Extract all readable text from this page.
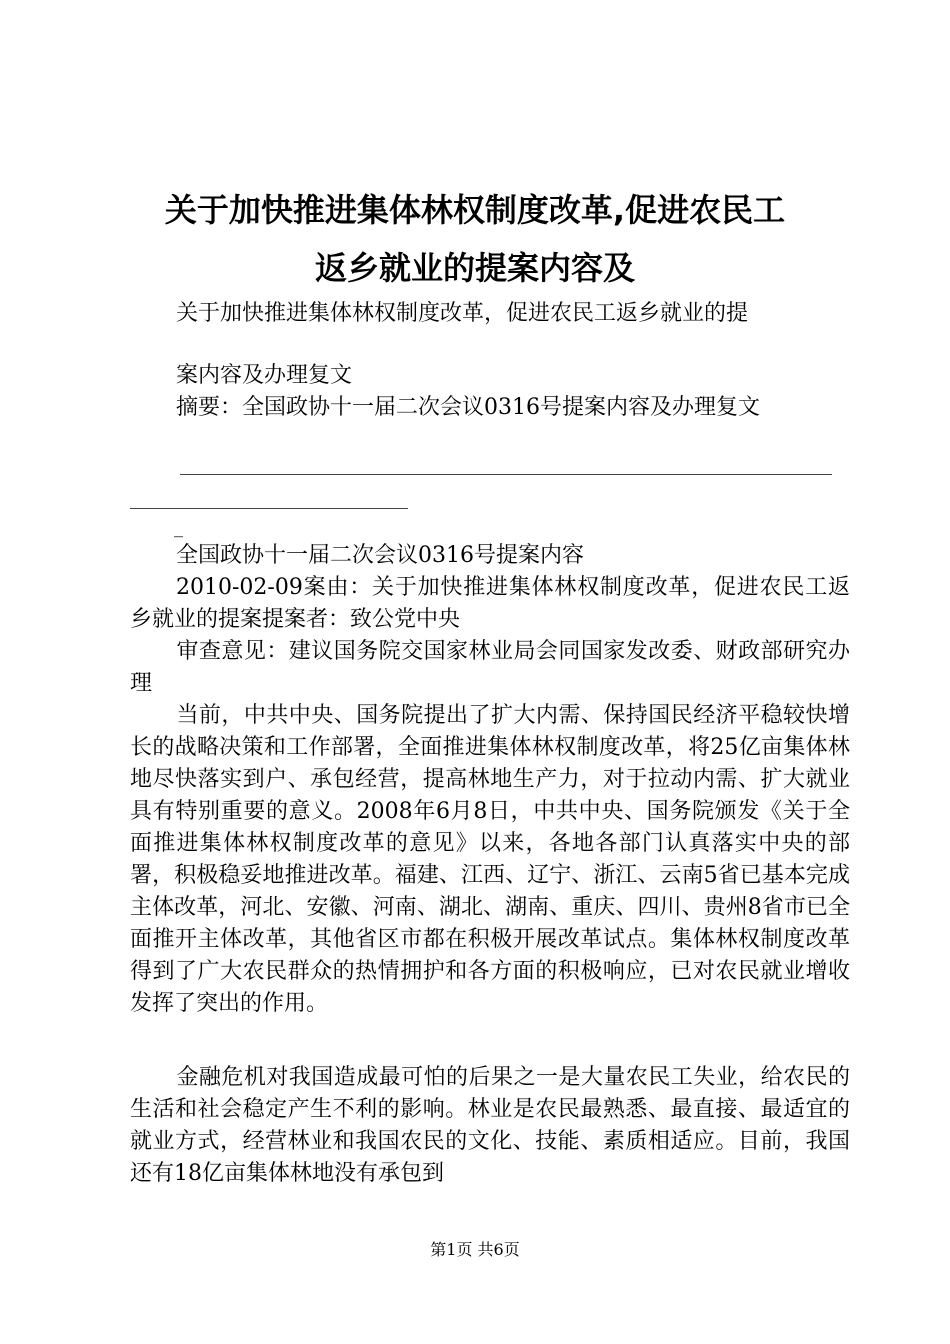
关于加快推进集体林权制度改革,促进农民工
返乡就业的提案内容及
关于加快推进集体林权制度改革，促进农民工返乡就业的提
案内容及办理复文
摘要：全国政协十一届二次会议0316号提案内容及办理复文
_
全国政协十一届二次会议0316号提案内容
2010-02-09案由：关于加快推进集体林权制度改革，促进农民工返乡就业的提案提案者：致公党中央
审查意见：建议国务院交国家林业局会同国家发改委、财政部研究办理
当前，中共中央、国务院提出了扩大内需、保持国民经济平稳较快增长的战略决策和工作部署，全面推进集体林权制度改革，将25亿亩集体林地尽快落实到户、承包经营，提高林地生产力，对于拉动内需、扩大就业具有特别重要的意义。2008年6月8日，中共中央、国务院颁发《关于全面推进集体林权制度改革的意见》以来，各地各部门认真落实中央的部署，积极稳妥地推进改革。福建、江西、辽宁、浙江、云南5省已基本完成主体改革，河北、安徽、河南、湖北、湖南、重庆、四川、贵州8省市已全面推开主体改革，其他省区市都在积极开展改革试点。集体林权制度改革得到了广大农民群众的热情拥护和各方面的积极响应，已对农民就业增收发挥了突出的作用。
金融危机对我国造成最可怕的后果之一是大量农民工失业，给农民的生活和社会稳定产生不利的影响。林业是农民最熟悉、最直接、最适宜的就业方式，经营林业和我国农民的文化、技能、素质相适应。目前，我国还有18亿亩集体林地没有承包到
第1页 共6页
